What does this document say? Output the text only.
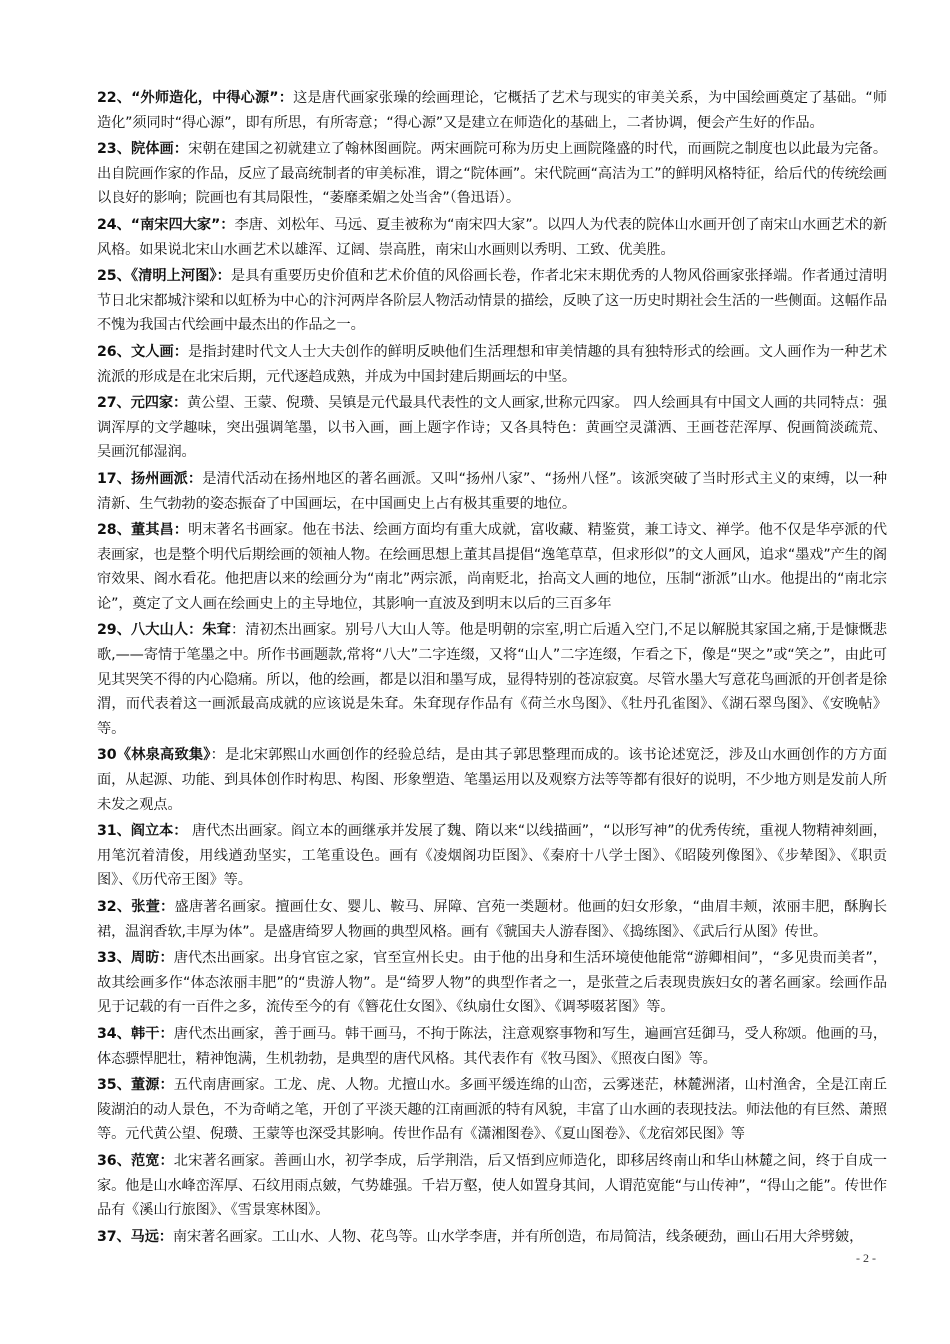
22、“外师造化，中得心源”：这是唐代画家张璪的绘画理论，它概括了艺术与现实的审美关系，为中国绘画奠定了基础。“师造化”须同时“得心源”，即有所思，有所寄意；“得心源”又是建立在师造化的基础上，二者协调，便会产生好的作品。

23、院体画：宋朝在建国之初就建立了翰林图画院。两宋画院可称为历史上画院隆盛的时代，而画院之制度也以此最为完备。出自院画作家的作品，反应了最高统制者的审美标准，谓之“院体画”。宋代院画“高洁为工”的鲜明风格特征，给后代的传统绘画以良好的影响；院画也有其局限性，“萎靡柔媚之处当舍”（鲁迅语）。

24、“南宋四大家”：李唐、刘松年、马远、夏圭被称为“南宋四大家”。以四人为代表的院体山水画开创了南宋山水画艺术的新风格。如果说北宋山水画艺术以雄浑、辽阔、崇高胜，南宋山水画则以秀明、工致、优美胜。

25、《清明上河图》：是具有重要历史价值和艺术价值的风俗画长卷，作者北宋末期优秀的人物风俗画家张择端。作者通过清明节日北宋都城汴梁和以虹桥为中心的汴河两岸各阶层人物活动情景的描绘，反映了这一历史时期社会生活的一些侧面。这幅作品不愧为我国古代绘画中最杰出的作品之一。

26、文人画：是指封建时代文人士大夫创作的鲜明反映他们生活理想和审美情趣的具有独特形式的绘画。文人画作为一种艺术流派的形成是在北宋后期，元代逐趋成熟，并成为中国封建后期画坛的中坚。

27、元四家：黄公望、王蒙、倪瓒、吴镇是元代最具代表性的文人画家,世称元四家。 四人绘画具有中国文人画的共同特点：强调浑厚的文学趣味，突出强调笔墨，以书入画，画上题字作诗；又各具特色：黄画空灵潇洒、王画苍茫浑厚、倪画简淡疏荒、 吴画沉郁湿润。

17、扬州画派：是清代活动在扬州地区的著名画派。又叫“扬州八家”、“扬州八怪”。该派突破了当时形式主义的束缚，以一种清新、生气勃勃的姿态振奋了中国画坛，在中国画史上占有极其重要的地位。

28、董其昌：明末著名书画家。他在书法、绘画方面均有重大成就，富收藏、精鉴赏，兼工诗文、禅学。他不仅是华亭派的代表画家，也是整个明代后期绘画的领袖人物。在绘画思想上董其昌提倡“逸笔草草，但求形似”的文人画风，追求“墨戏”产生的阁帘效果、阁水看花。他把唐以来的绘画分为“南北”两宗派，尚南贬北，抬高文人画的地位，压制“浙派”山水。他提出的“南北宗论”，奠定了文人画在绘画史上的主导地位，其影响一直波及到明末以后的三百多年

29、八大山人：朱耷：清初杰出画家。别号八大山人等。他是明朝的宗室,明亡后遁入空门,不足以解脱其家国之痛,于是慷慨悲歌,——寄情于笔墨之中。所作书画题款,常将“八大”二字连缀，又将“山人”二字连缀，乍看之下，像是“哭之”或“笑之”，由此可见其哭笑不得的内心隐痛。所以，他的绘画，都是以泪和墨写成，显得特别的苍凉寂寞。尽管水墨大写意花鸟画派的开创者是徐渭，而代表着这一画派最高成就的应该说是朱耷。朱耷现存作品有《荷兰水鸟图》、《牡丹孔雀图》、《湖石翠鸟图》、《安晚帖》等。

30《林泉高致集》：是北宋郭熙山水画创作的经验总结，是由其子郭思整理而成的。该书论述宽泛，涉及山水画创作的方方面面，从起源、功能、到具体创作时构思、构图、形象塑造、笔墨运用以及观察方法等等都有很好的说明，不少地方则是发前人所未发之观点。

31、阎立本： 唐代杰出画家。阎立本的画继承并发展了魏、隋以来“以线描画”，“以形写神”的优秀传统，重视人物精神刻画，用笔沉着清俊，用线遒劲坚实，工笔重设色。画有《凌烟阁功臣图》、《秦府十八学士图》、《昭陵列像图》、《步辇图》、《职贡图》、《历代帝王图》等。

32、张萱：盛唐著名画家。擅画仕女、婴儿、鞍马、屏障、宫苑一类题材。他画的妇女形象，“曲眉丰颊，浓丽丰肥，酥胸长裙，温润香软,丰厚为体”。是盛唐绮罗人物画的典型风格。画有《虢国夫人游春图》、《捣练图》、《武后行从图》传世。

33、周昉：唐代杰出画家。出身官宦之家，官至宣州长史。由于他的出身和生活环境使他能常“游卿相间”，“多见贵而美者”，故其绘画多作“体态浓丽丰肥”的“贵游人物”。是“绮罗人物”的典型作者之一，是张萱之后表现贵族妇女的著名画家。绘画作品见于记载的有一百件之多，流传至今的有《簪花仕女图》、《纨扇仕女图》、《调琴啜茗图》等。

34、韩干：唐代杰出画家，善于画马。韩干画马，不拘于陈法，注意观察事物和写生，遍画宫廷御马，受人称颂。他画的马，体态骠悍肥壮，精神饱满，生机勃勃，是典型的唐代风格。其代表作有《牧马图》、《照夜白图》等。

35、董源：五代南唐画家。工龙、虎、人物。尤擅山水。多画平缓连绵的山峦，云雾迷茫，林麓洲渚，山村渔舍，全是江南丘陵湖泊的动人景色，不为奇峭之笔，开创了平淡天趣的江南画派的特有风貌，丰富了山水画的表现技法。师法他的有巨然、萧照等。元代黄公望、倪瓒、王蒙等也深受其影响。传世作品有《潇湘图卷》、《夏山图卷》、《龙宿郊民图》等

36、范宽：北宋著名画家。善画山水，初学李成，后学荆浩，后又悟到应师造化，即移居终南山和华山林麓之间，终于自成一家。他是山水峰峦浑厚、石纹用雨点皴，气势雄强。千岩万壑，使人如置身其间，人谓范宽能“与山传神”，“得山之能”。传世作品有《溪山行旅图》、《雪景寒林图》。

37、马远：南宋著名画家。工山水、人物、花鸟等。山水学李唐，并有所创造，布局简洁，线条硬劲，画山石用大斧劈皴，

- 2 -
